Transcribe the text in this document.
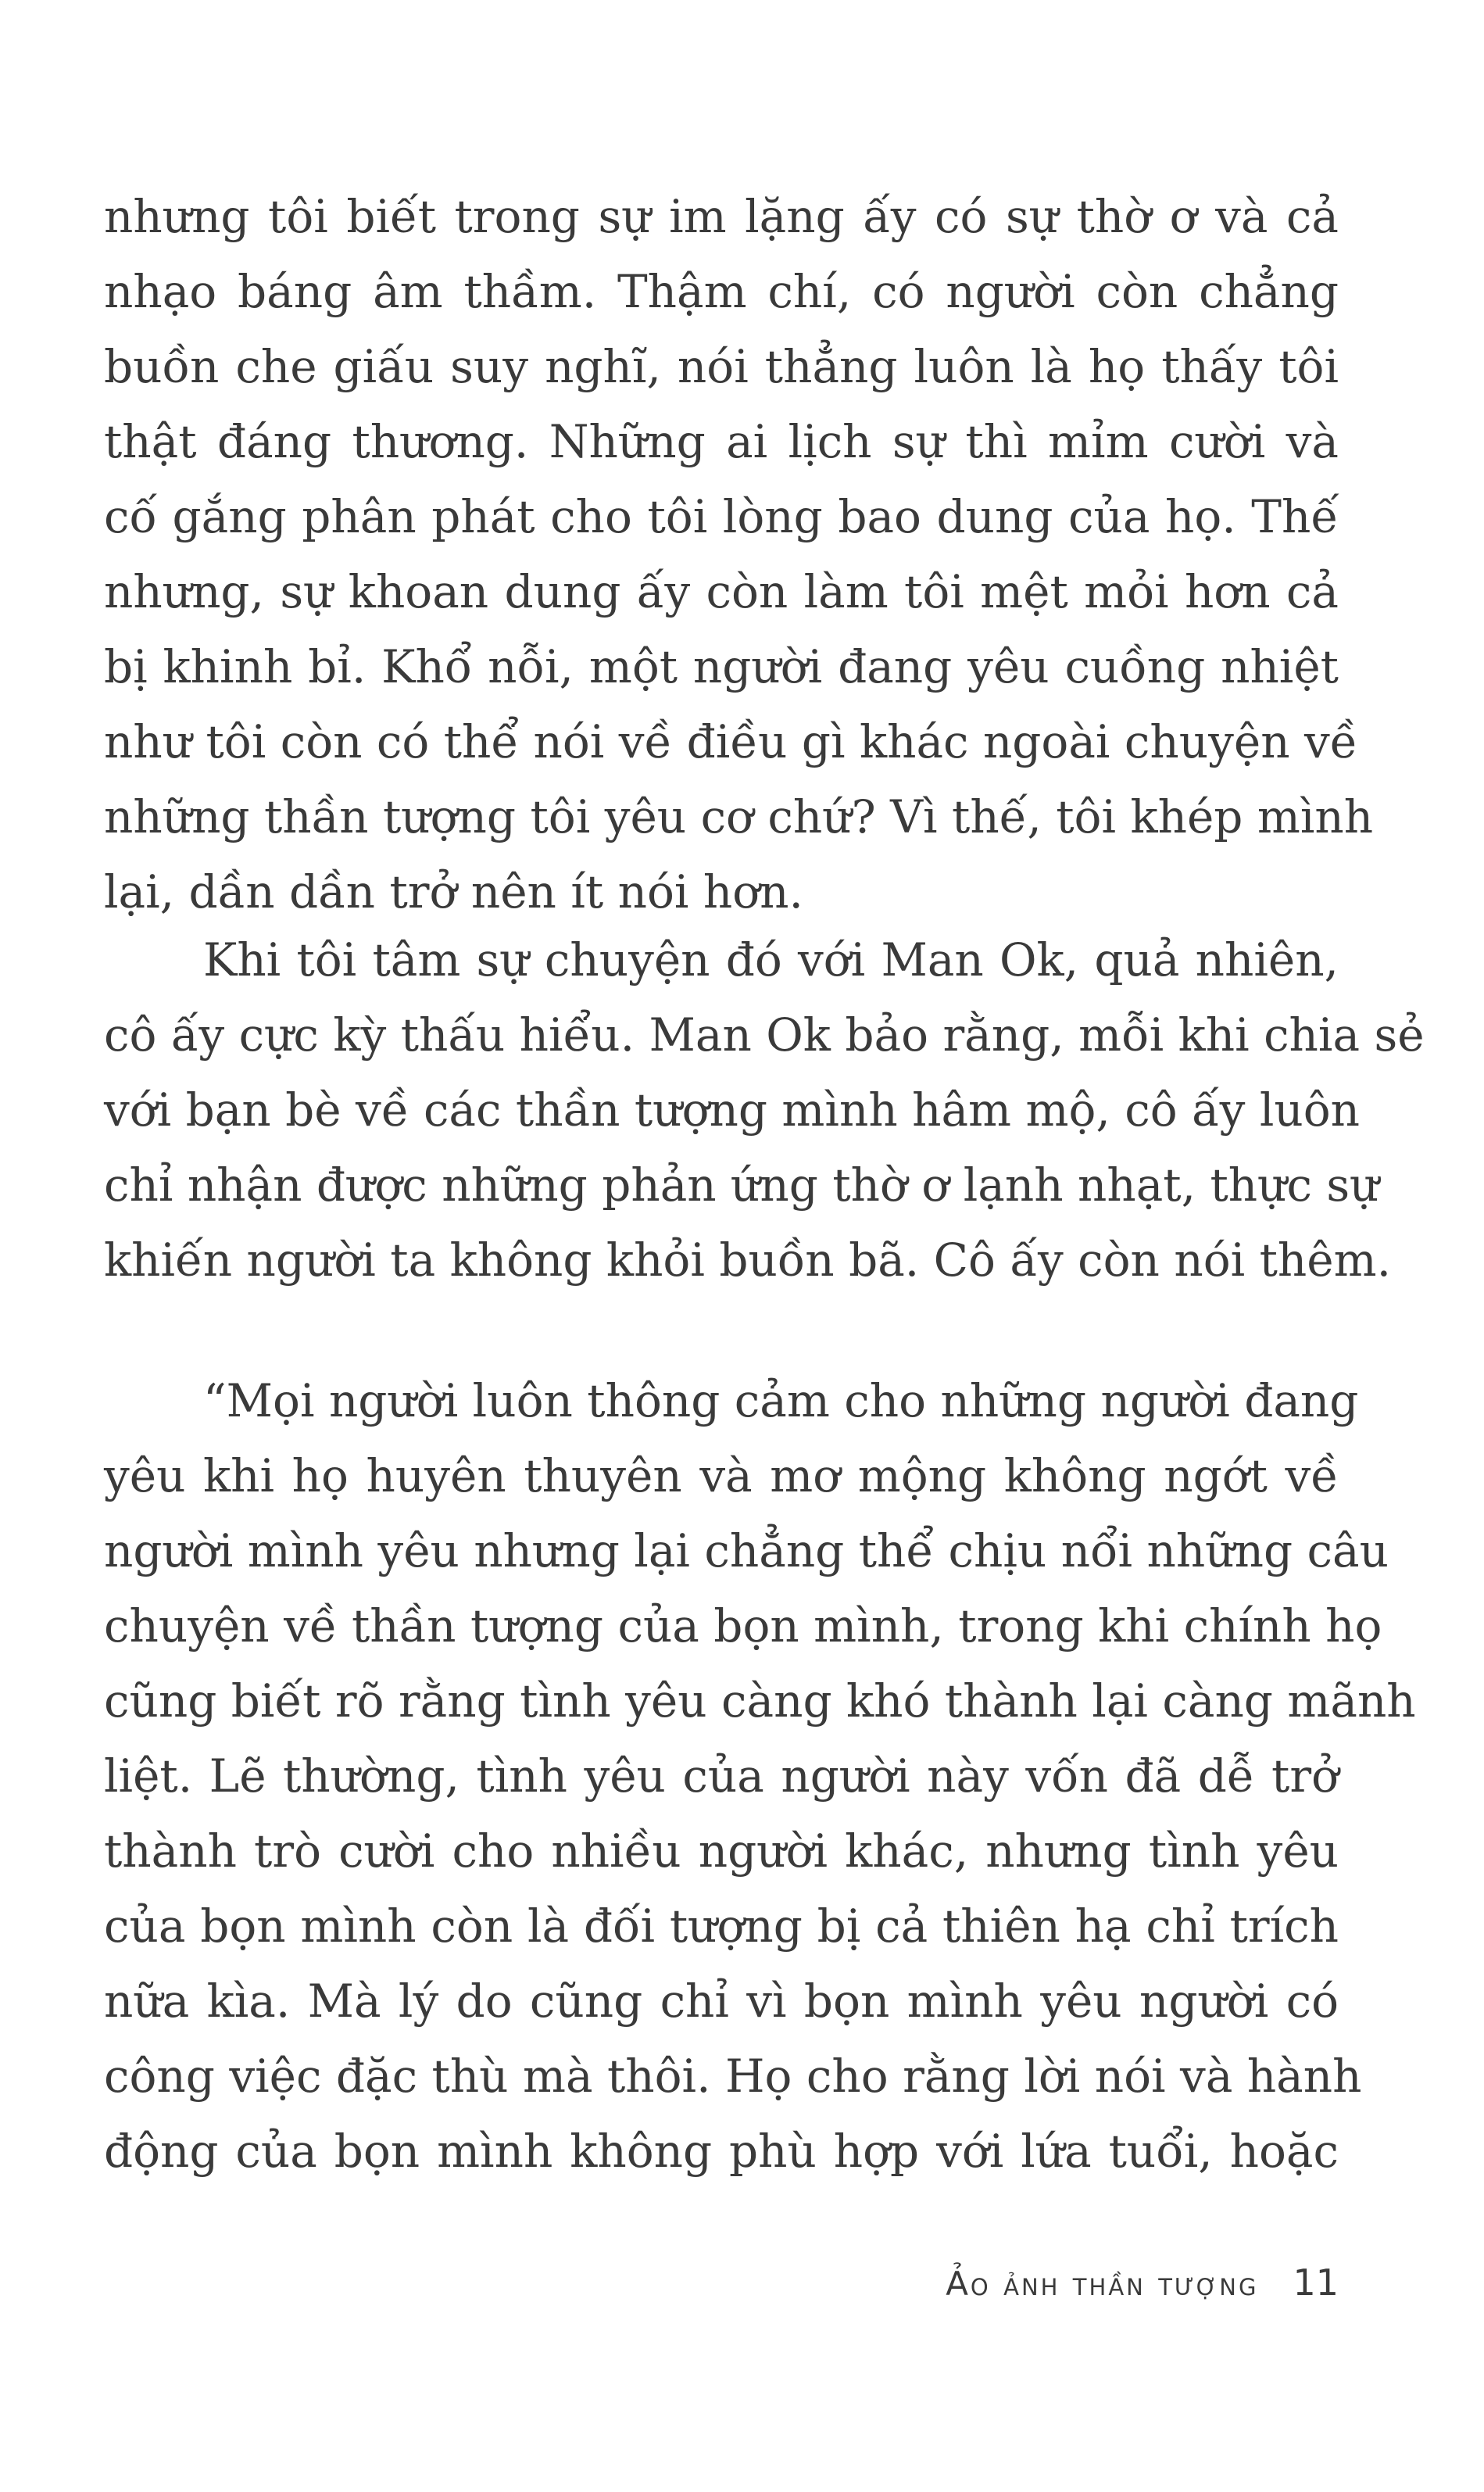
nhưng tôi biết trong sự im lặng ấy có sự thờ ơ và cả
nhạo báng âm thầm. Thậm chí, có người còn chẳng
buồn che giấu suy nghĩ, nói thẳng luôn là họ thấy tôi
thật đáng thương. Những ai lịch sự thì mỉm cười và
cố gắng phân phát cho tôi lòng bao dung của họ. Thế
nhưng, sự khoan dung ấy còn làm tôi mệt mỏi hơn cả
bị khinh bỉ. Khổ nỗi, một người đang yêu cuồng nhiệt
như tôi còn có thể nói về điều gì khác ngoài chuyện về
những thần tượng tôi yêu cơ chứ? Vì thế, tôi khép mình
lại, dần dần trở nên ít nói hơn.
Khi tôi tâm sự chuyện đó với Man Ok, quả nhiên,
cô ấy cực kỳ thấu hiểu. Man Ok bảo rằng, mỗi khi chia sẻ
với bạn bè về các thần tượng mình hâm mộ, cô ấy luôn
chỉ nhận được những phản ứng thờ ơ lạnh nhạt, thực sự
khiến người ta không khỏi buồn bã. Cô ấy còn nói thêm.
“Mọi người luôn thông cảm cho những người đang
yêu khi họ huyên thuyên và mơ mộng không ngớt về
người mình yêu nhưng lại chẳng thể chịu nổi những câu
chuyện về thần tượng của bọn mình, trong khi chính họ
cũng biết rõ rằng tình yêu càng khó thành lại càng mãnh
liệt. Lẽ thường, tình yêu của người này vốn đã dễ trở
thành trò cười cho nhiều người khác, nhưng tình yêu
của bọn mình còn là đối tượng bị cả thiên hạ chỉ trích
nữa kìa. Mà lý do cũng chỉ vì bọn mình yêu người có
công việc đặc thù mà thôi. Họ cho rằng lời nói và hành
động của bọn mình không phù hợp với lứa tuổi, hoặc
Ảo ảnh thần tượng 11
